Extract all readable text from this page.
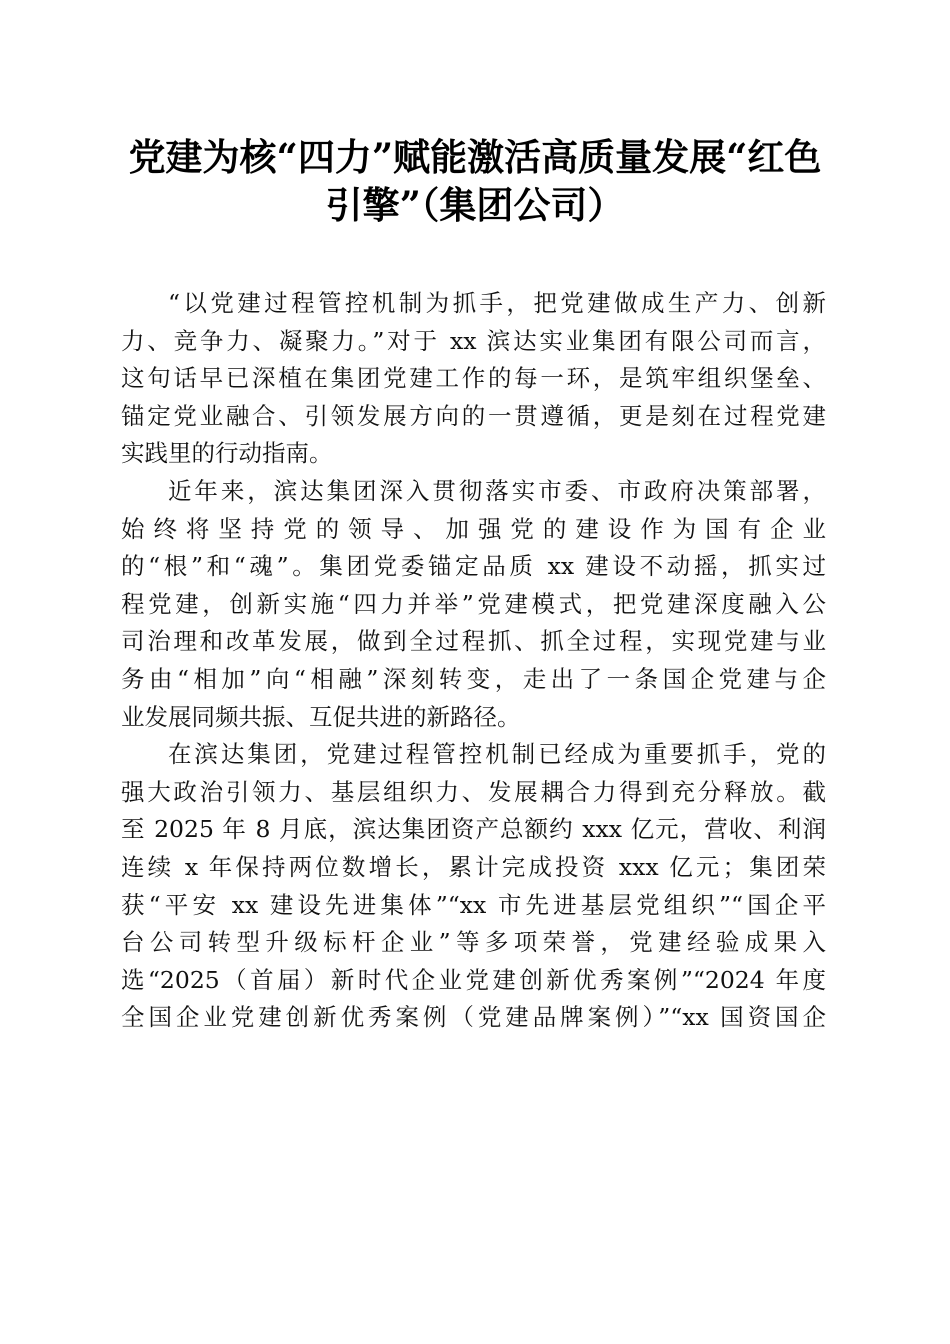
党建为核“四力”赋能激活高质量发展“红色
引擎”（集团公司）
“以党建过程管控机制为抓手，把党建做成生产力、创新
力、竞争力、凝聚力。”对于 xx 滨达实业集团有限公司而言，
这句话早已深植在集团党建工作的每一环，是筑牢组织堡垒、
锚定党业融合、引领发展方向的一贯遵循，更是刻在过程党建
实践里的行动指南。
近年来，滨达集团深入贯彻落实市委、市政府决策部署，
始终将坚持党的领导、加强党的建设作为国有企业
的“根”和“魂”。集团党委锚定品质 xx 建设不动摇，抓实过
程党建，创新实施“四力并举”党建模式，把党建深度融入公
司治理和改革发展，做到全过程抓、抓全过程，实现党建与业
务由“相加”向“相融”深刻转变，走出了一条国企党建与企
业发展同频共振、互促共进的新路径。
在滨达集团，党建过程管控机制已经成为重要抓手，党的
强大政治引领力、基层组织力、发展耦合力得到充分释放。截
至 2025 年 8 月底，滨达集团资产总额约 xxx 亿元，营收、利润
连续 x 年保持两位数增长，累计完成投资 xxx 亿元；集团荣
获“平安 xx 建设先进集体”“xx 市先进基层党组织”“国企平
台公司转型升级标杆企业”等多项荣誉，党建经验成果入
选“2025（首届）新时代企业党建创新优秀案例”“2024 年度
全国企业党建创新优秀案例（党建品牌案例）”“xx 国资国企
